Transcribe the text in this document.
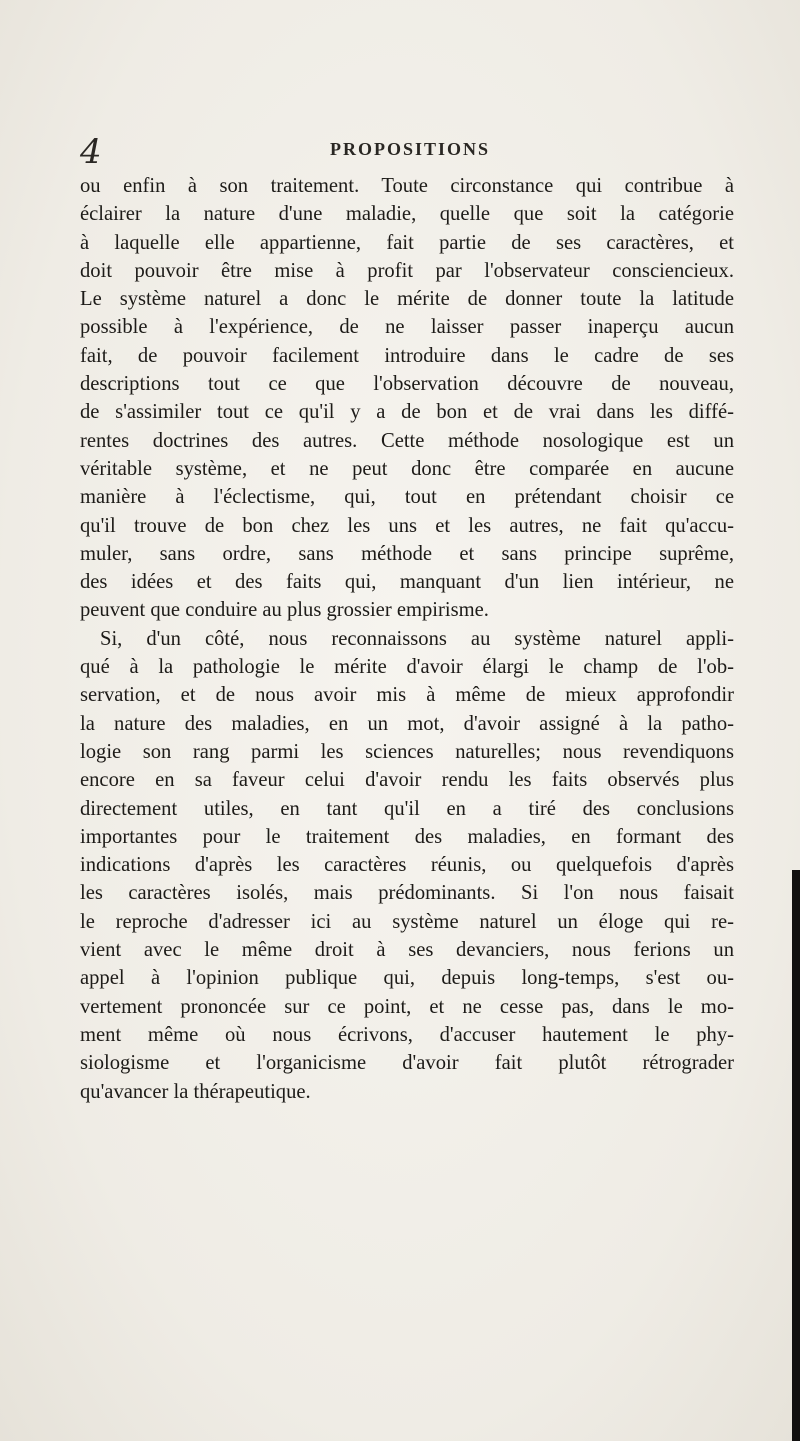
4	PROPOSITIONS
ou enfin à son traitement. Toute circonstance qui contribue à
éclairer la nature d'une maladie, quelle que soit la catégorie
à laquelle elle appartienne, fait partie de ses caractères, et
doit pouvoir être mise à profit par l'observateur consciencieux.
Le système naturel a donc le mérite de donner toute la latitude
possible à l'expérience, de ne laisser passer inaperçu aucun
fait, de pouvoir facilement introduire dans le cadre de ses
descriptions tout ce que l'observation découvre de nouveau,
de s'assimiler tout ce qu'il y a de bon et de vrai dans les diffé-
rentes doctrines des autres. Cette méthode nosologique est un
véritable système, et ne peut donc être comparée en aucune
manière à l'éclectisme, qui, tout en prétendant choisir ce
qu'il trouve de bon chez les uns et les autres, ne fait qu'accu-
muler, sans ordre, sans méthode et sans principe suprême,
des idées et des faits qui, manquant d'un lien intérieur, ne
peuvent que conduire au plus grossier empirisme.
Si, d'un côté, nous reconnaissons au système naturel appli-
qué à la pathologie le mérite d'avoir élargi le champ de l'ob-
servation, et de nous avoir mis à même de mieux approfondir
la nature des maladies, en un mot, d'avoir assigné à la patho-
logie son rang parmi les sciences naturelles; nous revendiquons
encore en sa faveur celui d'avoir rendu les faits observés plus
directement utiles, en tant qu'il en a tiré des conclusions
importantes pour le traitement des maladies, en formant des
indications d'après les caractères réunis, ou quelquefois d'après
les caractères isolés, mais prédominants. Si l'on nous faisait
le reproche d'adresser ici au système naturel un éloge qui re-
vient avec le même droit à ses devanciers, nous ferions un
appel à l'opinion publique qui, depuis long-temps, s'est ou-
vertement prononcée sur ce point, et ne cesse pas, dans le mo-
ment même où nous écrivons, d'accuser hautement le phy-
siologisme et l'organicisme d'avoir fait plutôt rétrograder
qu'avancer la thérapeutique.
